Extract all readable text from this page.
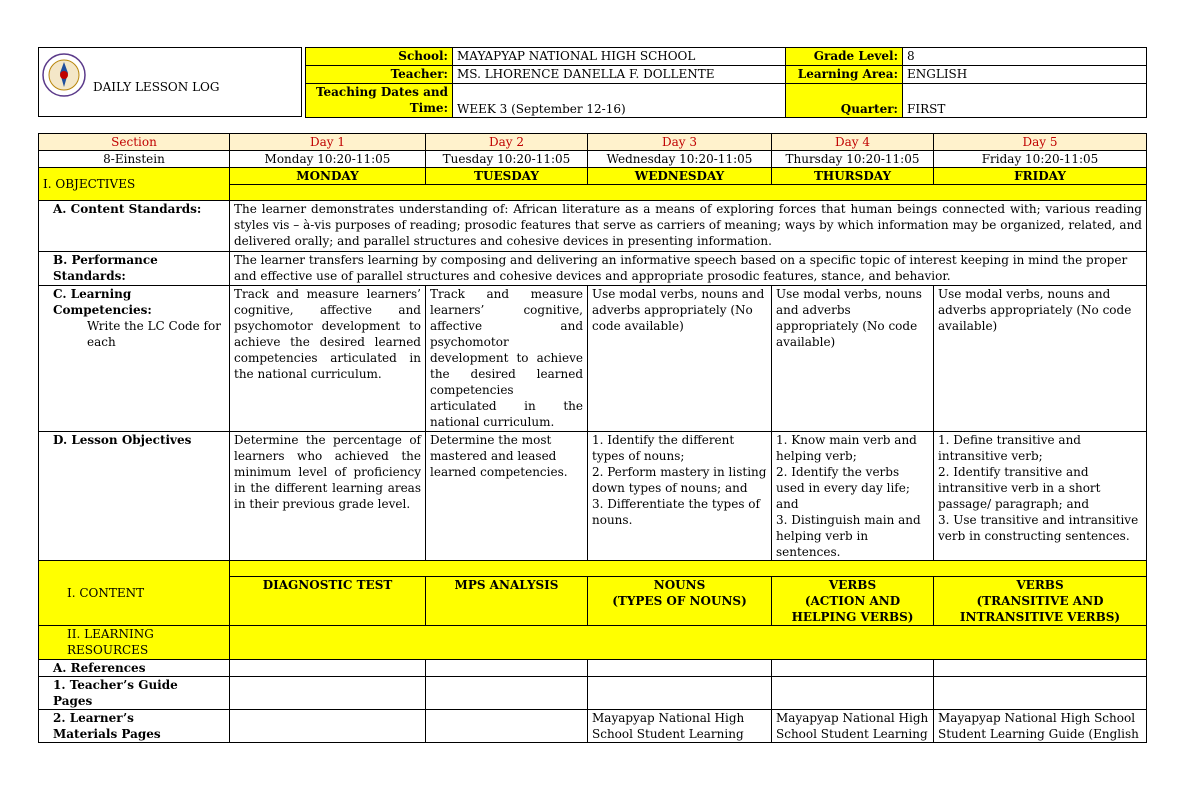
DAILY LESSON LOG
School:	MAYAPYAP NATIONAL HIGH SCHOOL	Grade Level:	8
Teacher:	MS. LHORENCE DANELLA F. DOLLENTE	Learning Area:	ENGLISH
Teaching Dates and Time:	WEEK 3 (September 12-16)	Quarter:	FIRST
Section	Day 1	Day 2	Day 3	Day 4	Day 5
8-Einstein	Monday 10:20-11:05	Tuesday 10:20-11:05	Wednesday 10:20-11:05	Thursday 10:20-11:05	Friday 10:20-11:05
I. OBJECTIVES	MONDAY	TUESDAY	WEDNESDAY	THURSDAY	FRIDAY

A. Content Standards:	The learner demonstrates understanding of: African literature as a means of exploring forces that human beings connected with; various reading styles vis – à-vis purposes of reading; prosodic features that serve as carriers of meaning; ways by which information may be organized, related, and delivered orally; and parallel structures and cohesive devices in presenting information.				
B. Performance Standards:	The learner transfers learning by composing and delivering an informative speech based on a specific topic of interest keeping in mind the proper and effective use of parallel structures and cohesive devices and appropriate prosodic features, stance, and behavior.				

C. Learning Competencies:
Write the LC Code for each	Track and measure learners’ cognitive, affective and psychomotor development to achieve the desired learned competencies articulated in the national curriculum.	Track and measure learners’ cognitive, affective and psychomotor development to achieve the desired learned competencies articulated in the national curriculum.	Use modal verbs, nouns and adverbs appropriately (No code available)	Use modal verbs, nouns and adverbs appropriately (No code available)	Use modal verbs, nouns and adverbs appropriately (No code available)
D. Lesson Objectives	Determine the percentage of learners who achieved the minimum level of proficiency in the different learning areas in their previous grade level.	Determine the most mastered and leased learned competencies.	1. Identify the different types of nouns;
2. Perform mastery in listing down types of nouns; and
3. Differentiate the types of nouns.	1. Know main verb and helping verb;
2. Identify the verbs used in every day life; and
3. Distinguish main and helping verb in sentences.	1. Define transitive and intransitive verb;
2. Identify transitive and intransitive verb in a short passage/ paragraph; and
3. Use transitive and intransitive verb in constructing sentences.
I. CONTENT					
	DIAGNOSTIC TEST	MPS ANALYSIS	NOUNS
(TYPES OF NOUNS)	VERBS
(ACTION AND HELPING VERBS)	VERBS
(TRANSITIVE AND INTRANSITIVE VERBS)
II. LEARNING RESOURCES					
A. References					
1. Teacher’s Guide Pages					
2. Learner’s Materials Pages			Mayapyap National High School Student Learning	Mayapyap National High School Student Learning	Mayapyap National High School Student Learning Guide (English
